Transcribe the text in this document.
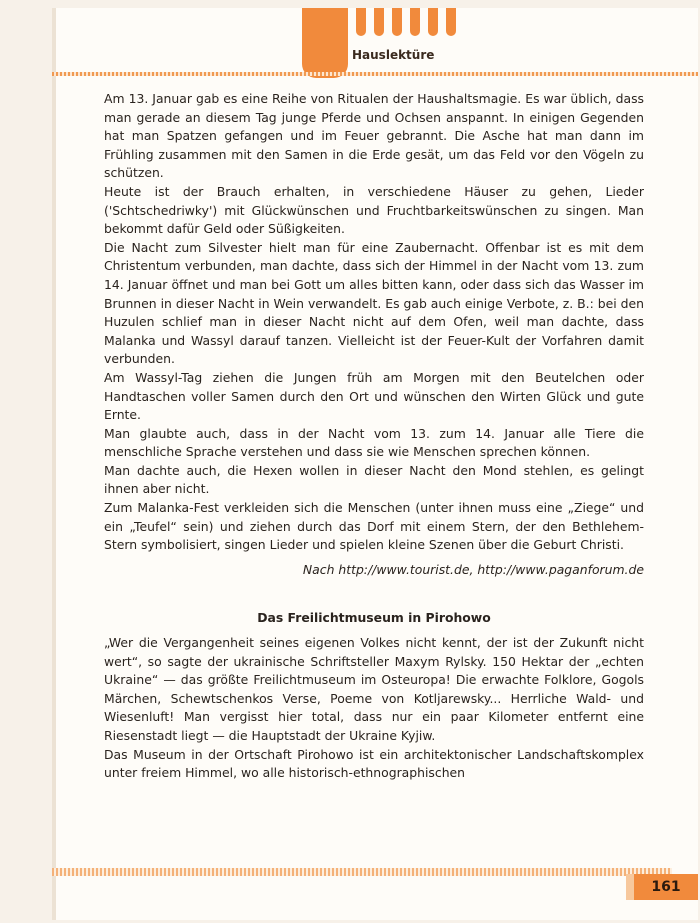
Hauslektüre

Am 13. Januar gab es eine Reihe von Ritualen der Haushaltsmagie. Es war üblich, dass man gerade an diesem Tag junge Pferde und Ochsen anspannt. In einigen Gegenden hat man Spatzen gefangen und im Feuer gebrannt. Die Asche hat man dann im Frühling zusammen mit den Samen in die Erde gesät, um das Feld vor den Vögeln zu schützen.

Heute ist der Brauch erhalten, in verschiedene Häuser zu gehen, Lieder ('Schtschedriwky') mit Glückwünschen und Fruchtbarkeitswünschen zu singen. Man bekommt dafür Geld oder Süßigkeiten.

Die Nacht zum Silvester hielt man für eine Zaubernacht. Offenbar ist es mit dem Christentum verbunden, man dachte, dass sich der Himmel in der Nacht vom 13. zum 14. Januar öffnet und man bei Gott um alles bitten kann, oder dass sich das Wasser im Brunnen in dieser Nacht in Wein verwandelt. Es gab auch einige Verbote, z. B.: bei den Huzulen schlief man in dieser Nacht nicht auf dem Ofen, weil man dachte, dass Malanka und Wassyl darauf tanzen. Vielleicht ist der Feuer-Kult der Vorfahren damit verbunden.

Am Wassyl-Tag ziehen die Jungen früh am Morgen mit den Beutelchen oder Handtaschen voller Samen durch den Ort und wünschen den Wirten Glück und gute Ernte.

Man glaubte auch, dass in der Nacht vom 13. zum 14. Januar alle Tiere die menschliche Sprache verstehen und dass sie wie Menschen sprechen können.

Man dachte auch, die Hexen wollen in dieser Nacht den Mond stehlen, es gelingt ihnen aber nicht.

Zum Malanka-Fest verkleiden sich die Menschen (unter ihnen muss eine „Ziege“ und ein „Teufel“ sein) und ziehen durch das Dorf mit einem Stern, der den Bethlehem-Stern symbolisiert, singen Lieder und spielen kleine Szenen über die Geburt Christi.

Nach http://www.tourist.de, http://www.paganforum.de

Das Freilichtmuseum in Pirohowo

„Wer die Vergangenheit seines eigenen Volkes nicht kennt, der ist der Zukunft nicht wert“, so sagte der ukrainische Schriftsteller Maxym Rylsky. 150 Hektar der „echten Ukraine“ — das größte Freilichtmuseum im Osteuropa! Die erwachte Folklore, Gogols Märchen, Schewtschenkos Verse, Poeme von Kotljarewsky... Herrliche Wald- und Wiesenluft! Man vergisst hier total, dass nur ein paar Kilometer entfernt eine Riesenstadt liegt — die Hauptstadt der Ukraine Kyjiw.

Das Museum in der Ortschaft Pirohowo ist ein architektonischer Landschaftskomplex unter freiem Himmel, wo alle historisch-ethnographischen

161
